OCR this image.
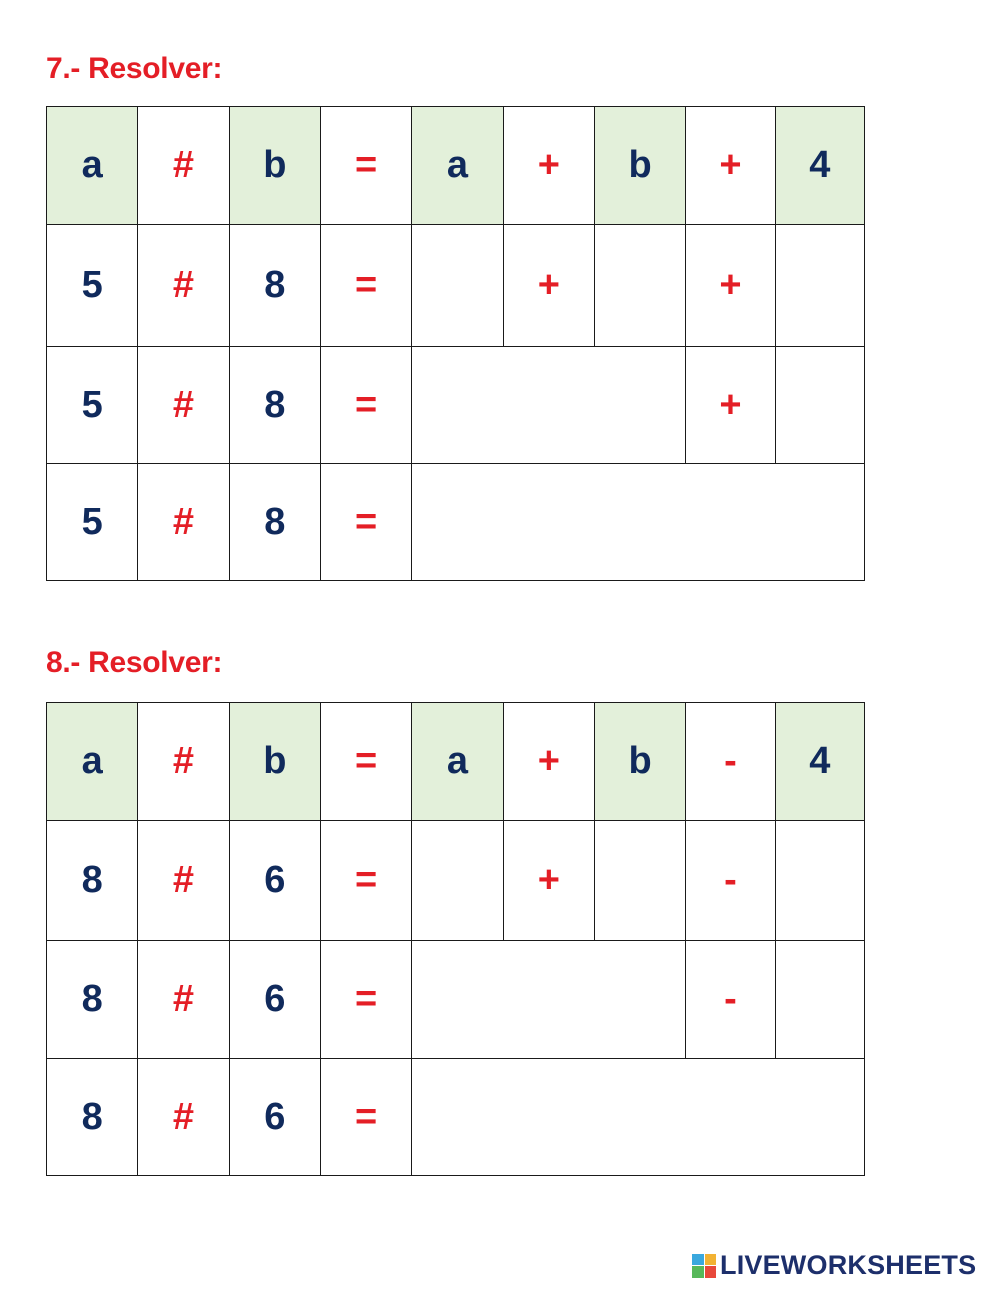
7.- Resolver:
a	#	b	=	a	+	b	+	4
5	#	8	=		+		+	
5	#	8	=				+	
5	#	8	=					
8.- Resolver:
a	#	b	=	a	+	b	-	4
8	#	6	=		+		-	
8	#	6	=				-	
8	#	6	=					
LIVEWORKSHEETS
